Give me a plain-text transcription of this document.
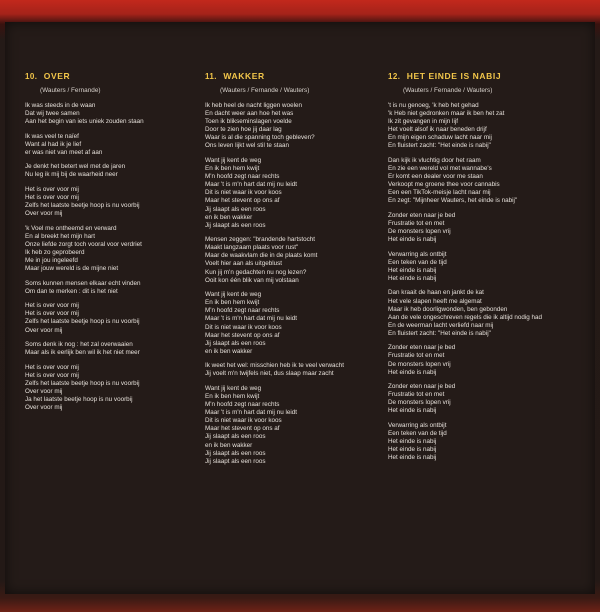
10. OVER
(Wauters / Fernande)
Ik was steeds in de waan
Dat wij twee samen
Aan het begin van iets uniek zouden staan
Ik was veel te naïef
Want al had ik je lief
er was niet van meet af aan
Je denkt het betert wel met de jaren
Nu leg ik mij bij de waarheid neer
Het is over voor mij
Het is over voor mij
Zelfs het laatste beetje hoop is nu voorbij
Over voor mij
'k Voel me ontheemd en verward
En al breekt het mijn hart
Onze liefde zorgt toch vooral voor verdriet
Ik heb zo geprobeerd
Me in jou ingeleefd
Maar jouw wereld is de mijne niet
Soms kunnen mensen elkaar echt vinden
Om dan te merken : dit is het niet
Het is over voor mij
Het is over voor mij
Zelfs het laatste beetje hoop is nu voorbij
Over voor mij
Soms denk ik nog : het zal overwaaien
Maar als ik eerlijk ben wil ik het niet meer
Het is over voor mij
Het is over voor mij
Zelfs het laatste beetje hoop is nu voorbij
Over voor mij
Ja het laatste beetje hoop is nu voorbij
Over voor mij
11. WAKKER
(Wauters / Fernande / Wauters)
Ik heb heel de nacht liggen woelen
En dacht weer aan hoe het was
Toen ik blikseminslagen voelde
Door te zien hoe jij daar lag
Waar is al die spanning toch gebleven?
Ons leven lijkt wel stil te staan
Want jij kent de weg
En ik ben hem kwijt
M'n hoofd zegt naar rechts
Maar 't is m'n hart dat mij nu leidt
Dit is niet waar ik voor koos
Maar het stevent op ons af
Jij slaapt als een roos
en ik ben wakker
Jij slaapt als een roos
Mensen zeggen: "brandende hartstocht
Maakt langzaam plaats voor rust"
Maar de waakvlam die in de plaats komt
Voelt hier aan als uitgeblust
Kun jij m'n gedachten nu nog lezen?
Ooit kon één blik van mij volstaan
Want jij kent de weg
En ik ben hem kwijt
M'n hoofd zegt naar rechts
Maar 't is m'n hart dat mij nu leidt
Dit is niet waar ik voor koos
Maar het stevent op ons af
Jij slaapt als een roos
en ik ben wakker
Ik weet het wel: misschien heb ik te veel verwacht
Jij voelt m'n twijfels niet, dus slaap maar zacht
Want jij kent de weg
En ik ben hem kwijt
M'n hoofd zegt naar rechts
Maar 't is m'n hart dat mij nu leidt
Dit is niet waar ik voor koos
Maar het stevent op ons af
Jij slaapt als een roos
en ik ben wakker
Jij slaapt als een roos
Jij slaapt als een roos
12. HET EINDE IS NABIJ
(Wauters / Fernande / Wauters)
't is nu genoeg, 'k heb het gehad
'k Heb niet gedronken maar ik ben het zat
Ik zit gevangen in mijn lijf
Het voelt alsof ik naar beneden drijf
En mijn eigen schaduw lacht naar mij
En fluistert zacht: "Het einde is nabij"
Dan kijk ik vluchtig door het raam
En zie een wereld vol met wannabe's
Er komt een dealer voor me staan
Verkoopt me groene thee voor cannabis
Een een TikTok-meisje lacht naar mij
En zegt: "Mijnheer Wauters, het einde is nabij"
Zonder eten naar je bed
Frustratie tot en met
De monsters lopen vrij
Het einde is nabij
Verwarring als ontbijt
Een teken van de tijd
Het einde is nabij
Het einde is nabij
Dan kraait de haan en jankt de kat
Het vele slapen heeft me algemat
Maar ik heb doorligwonden, ben gebonden
Aan de vele ongeschreven regels die ik altijd nodig had
En de weerman lacht verliefd naar mij
En fluistert zacht: "Het einde is nabij"
Zonder eten naar je bed
Frustratie tot en met
De monsters lopen vrij
Het einde is nabij
Zonder eten naar je bed
Frustratie tot en met
De monsters lopen vrij
Het einde is nabij
Verwarring als ontbijt
Een teken van de tijd
Het einde is nabij
Het einde is nabij
Het einde is nabij
